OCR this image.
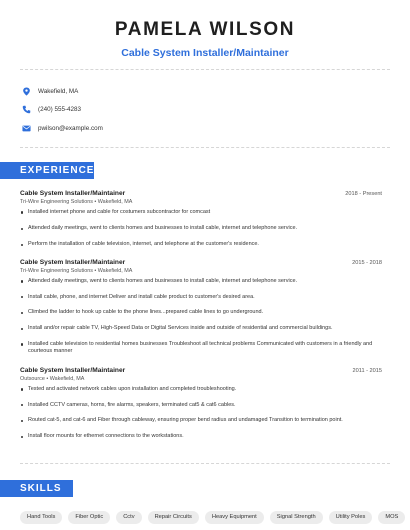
PAMELA WILSON
Cable System Installer/Maintainer
Wakefield, MA
(240) 555-4283
pwilson@example.com
EXPERIENCE
Cable System Installer/Maintainer	2018 - Present
Tri-Wire Engineering Solutions • Wakefield, MA
Installed internet phone and cable for costumers subcontractor for comcast
Attended daily meetings, went to clients homes and businesses to install cable, internet and telephone service.
Perform the installation of cable television, internet, and telephone at the customer's residence.
Cable System Installer/Maintainer	2015 - 2018
Tri-Wire Engineering Solutions • Wakefield, MA
Attended daily meetings, went to clients homes and businesses to install cable, internet and telephone service.
Install cable, phone, and internet Deliver and install cable product to customer's desired area.
Climbed the ladder to hook up cable to the phone lines...prepared cable lines to go underground.
Install and/or repair cable TV, High-Speed Data or Digital Services inside and outside of residential and commercial buildings.
Installed cable television to residential homes businesses Troubleshoot all technical problems Communicated with customers in a friendly and courteous manner
Cable System Installer/Maintainer	2011 - 2015
Outsource • Wakefield, MA
Tested and activated network cables upon installation and completed troubleshooting.
Installed CCTV cameras, horns, fire alarms, speakers, terminated cat5 & cat6 cables.
Routed cat-5, and cat-6 and Fiber through cableway, ensuring proper bend radius and undamaged Transition to termination point.
Install floor mounts for ethernet connections to the workstations.
SKILLS
Hand Tools	Fiber Optic	Cctv	Repair Circuits	Heavy Equipment	Signal Strength	Utility Poles	MOS
